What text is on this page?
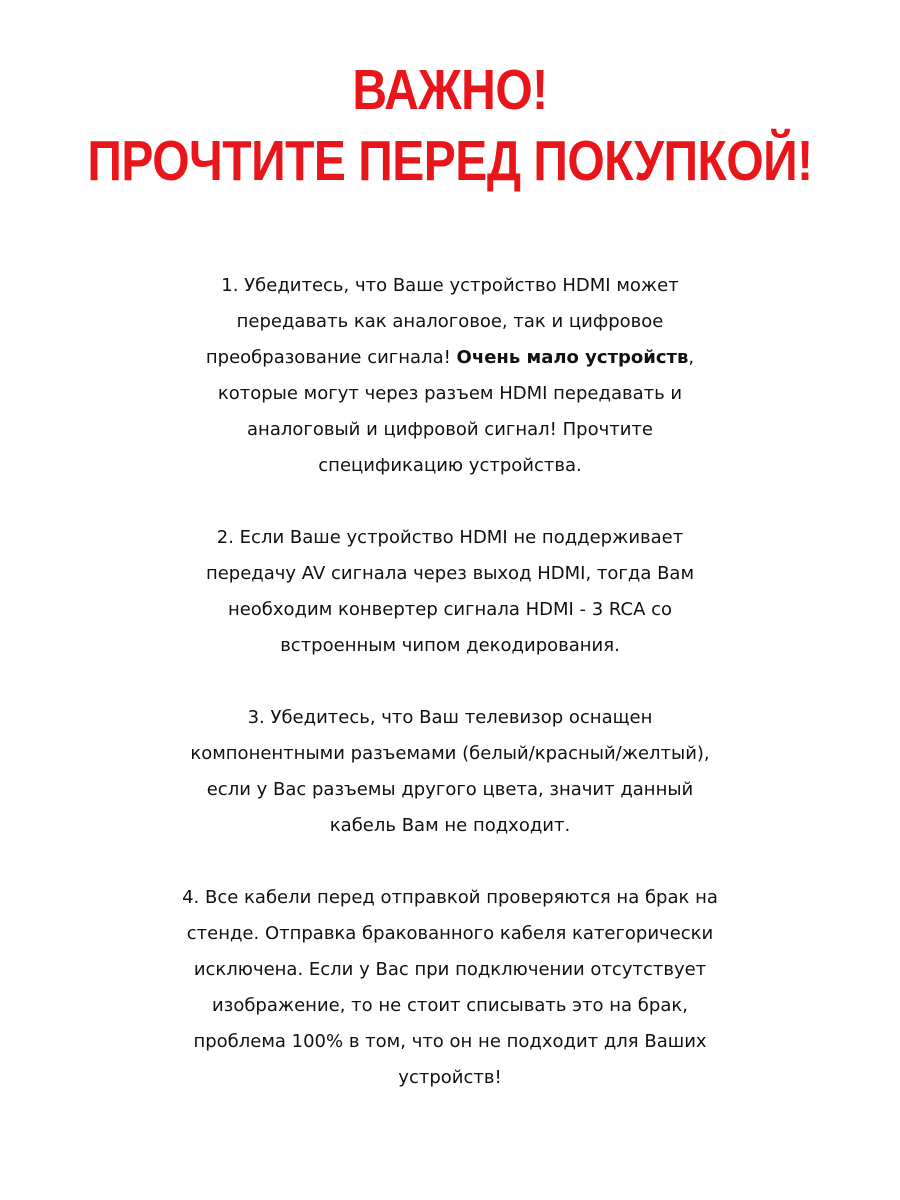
ВАЖНО!
ПРОЧТИТЕ ПЕРЕД ПОКУПКОЙ!

1. Убедитесь, что Ваше устройство HDMI может
передавать как аналоговое, так и цифровое
преобразование сигнала! Очень мало устройств,
которые могут через разъем HDMI передавать и
аналоговый и цифровой сигнал! Прочтите
спецификацию устройства.

2. Если Ваше устройство HDMI не поддерживает
передачу AV сигнала через выход HDMI, тогда Вам
необходим конвертер сигнала HDMI - 3 RCA со
встроенным чипом декодирования.

3. Убедитесь, что Ваш телевизор оснащен
компонентными разъемами (белый/красный/желтый),
если у Вас разъемы другого цвета, значит данный
кабель Вам не подходит.

4. Все кабели перед отправкой проверяются на брак на
стенде. Отправка бракованного кабеля категорически
исключена. Если у Вас при подключении отсутствует
изображение, то не стоит списывать это на брак,
проблема 100% в том, что он не подходит для Ваших
устройств!
